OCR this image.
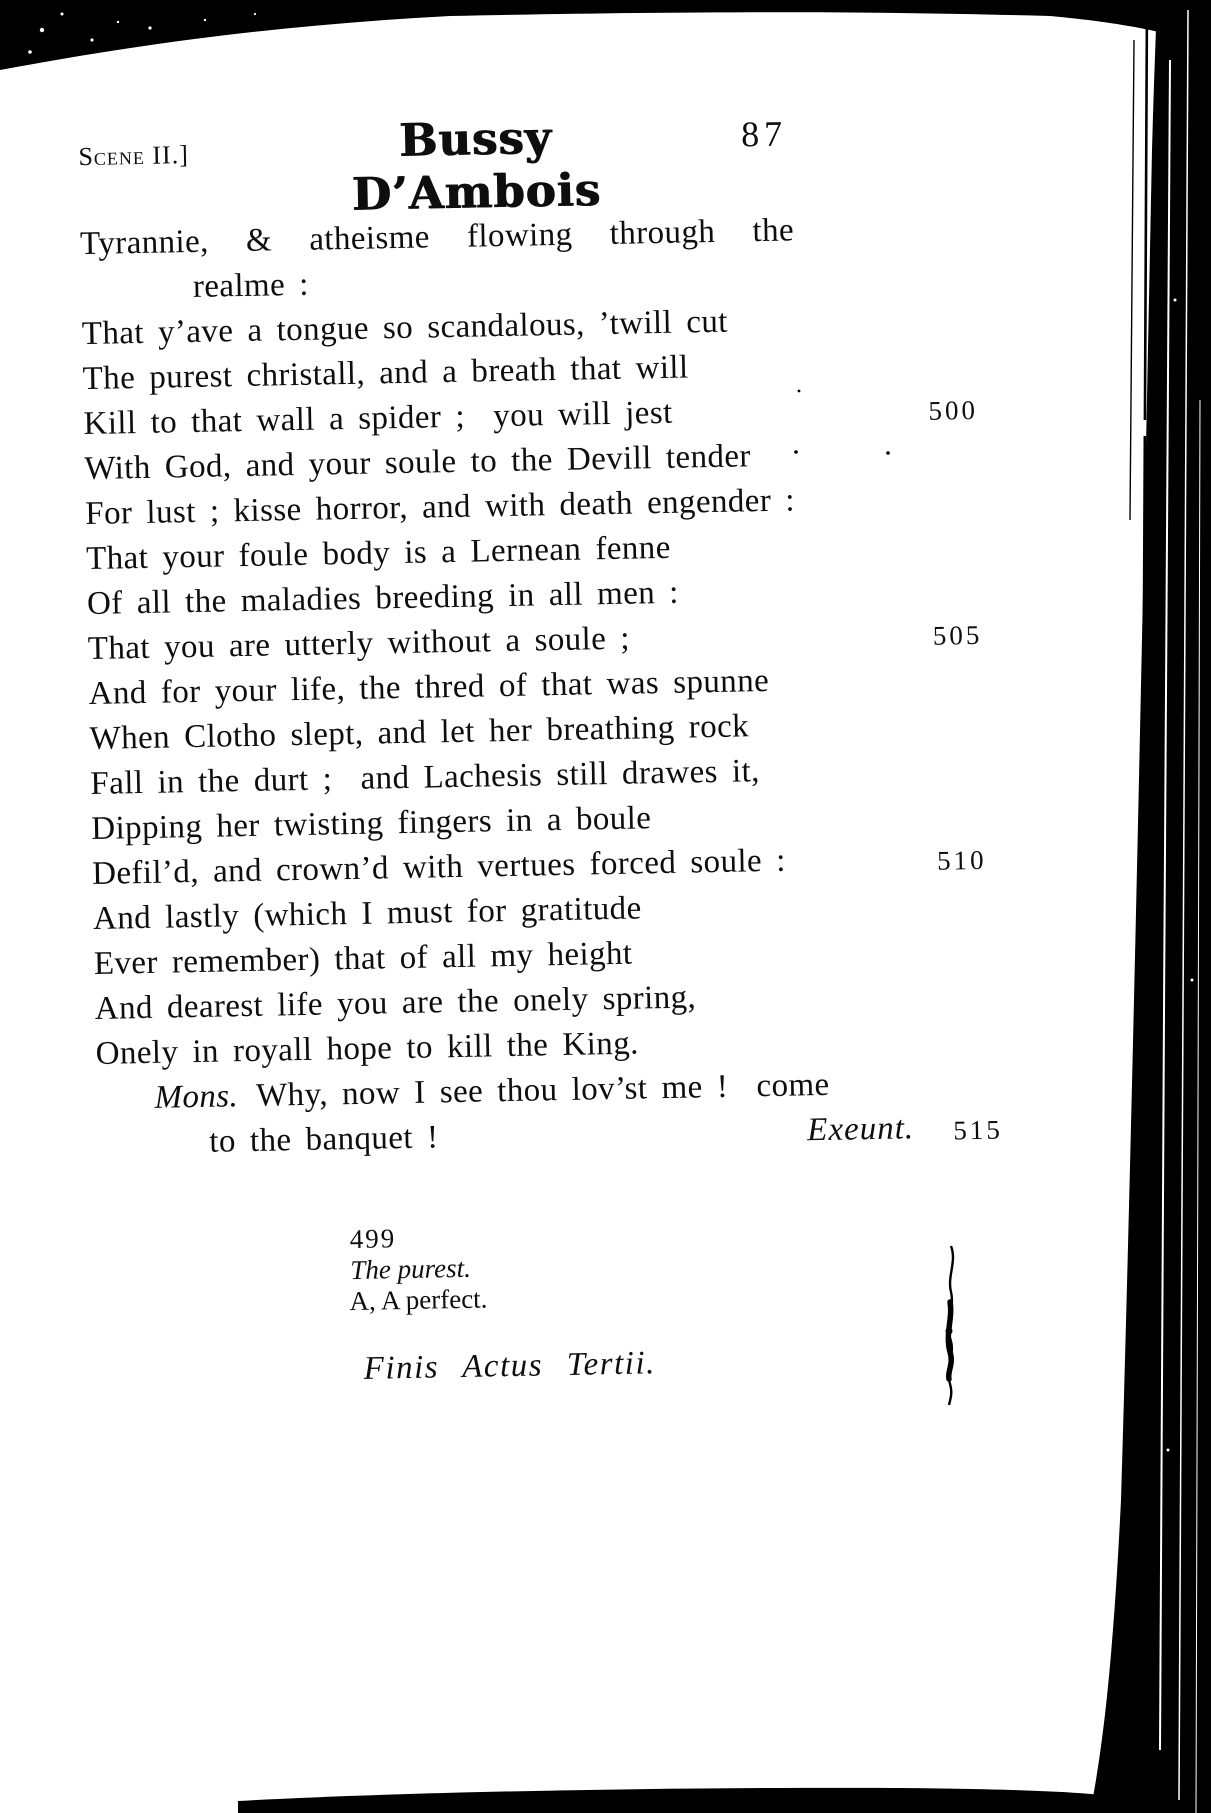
Scene II.]	Bussy D’Ambois
87
Tyrannie, & atheisme flowing through the
realme :
That y’ave a tongue so scandalous, ’twill cut
The purest christall, and a breath that will
Kill to that wall a spider ;  you will jest	500
With God, and your soule to the Devill tender
For lust ; kisse horror, and with death engender :
That your foule body is a Lernean fenne
Of all the maladies breeding in all men :
That you are utterly without a soule ;	505
And for your life, the thred of that was spunne
When Clotho slept, and let her breathing rock
Fall in the durt ;  and Lachesis still drawes it,
Dipping her twisting fingers in a boule
Defil’d, and crown’d with vertues forced soule :	510
And lastly (which I must for gratitude
Ever remember) that of all my height
And dearest life you are the onely spring,
Onely in royall hope to kill the King.
Mons. Why, now I see thou lov’st me !  come
to the banquet !	Exeunt. 515

499
The purest.
A, A perfect.

Finis Actus Tertii.
